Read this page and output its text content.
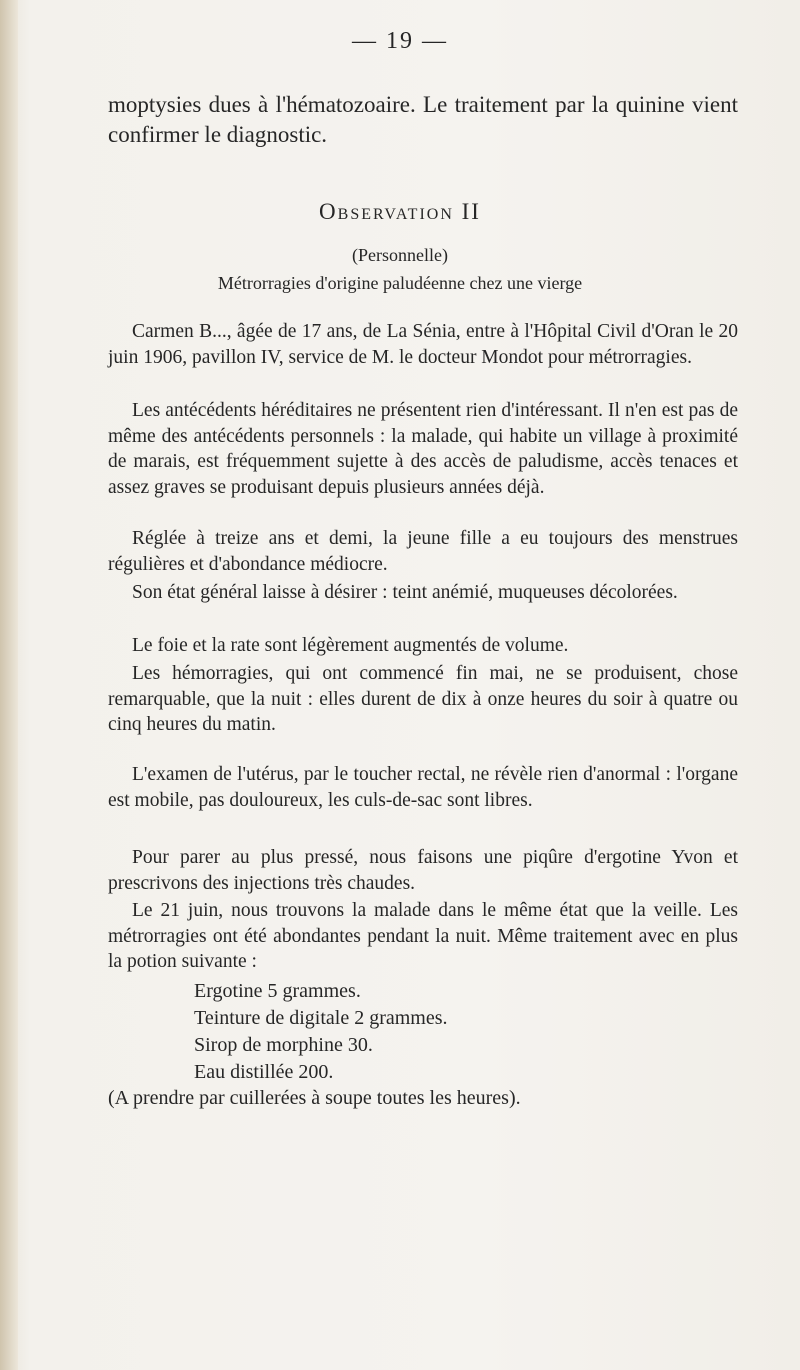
— 19 —

moptysies dues à l'hématozoaire. Le traitement par la quinine vient confirmer le diagnostic.

Observation II
(Personnelle)
Métrorragies d'origine paludéenne chez une vierge

Carmen B..., âgée de 17 ans, de La Sénia, entre à l'Hôpital Civil d'Oran le 20 juin 1906, pavillon IV, service de M. le docteur Mondot pour métrorragies.

Les antécédents héréditaires ne présentent rien d'intéressant. Il n'en est pas de même des antécédents personnels : la malade, qui habite un village à proximité de marais, est fréquemment sujette à des accès de paludisme, accès tenaces et assez graves se produisant depuis plusieurs années déjà.

Réglée à treize ans et demi, la jeune fille a eu toujours des menstrues régulières et d'abondance médiocre.

Son état général laisse à désirer : teint anémié, muqueuses décolorées.

Le foie et la rate sont légèrement augmentés de volume.

Les hémorragies, qui ont commencé fin mai, ne se produisent, chose remarquable, que la nuit : elles durent de dix à onze heures du soir à quatre ou cinq heures du matin.

L'examen de l'utérus, par le toucher rectal, ne révèle rien d'anormal : l'organe est mobile, pas douloureux, les culs-de-sac sont libres.

Pour parer au plus pressé, nous faisons une piqûre d'ergotine Yvon et prescrivons des injections très chaudes.

Le 21 juin, nous trouvons la malade dans le même état que la veille. Les métrorragies ont été abondantes pendant la nuit. Même traitement avec en plus la potion suivante :

Ergotine 5 grammes.
Teinture de digitale 2 grammes.
Sirop de morphine 30.
Eau distillée 200.

(A prendre par cuillerées à soupe toutes les heures).
